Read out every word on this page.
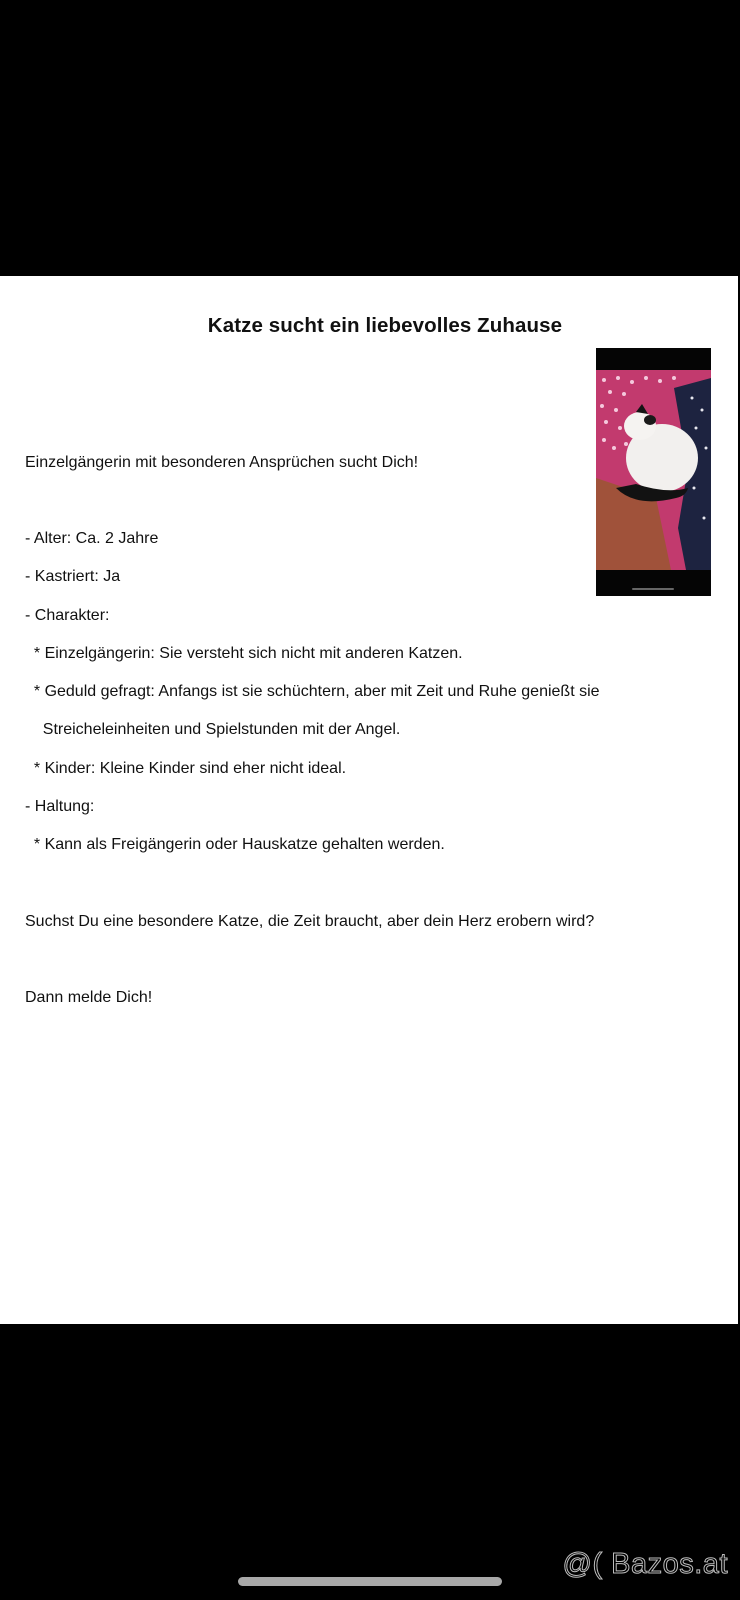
Katze sucht ein liebevolles Zuhause
Einzelgängerin mit besonderen Ansprüchen sucht Dich!
- Alter: Ca. 2 Jahre
- Kastriert: Ja
- Charakter:
* Einzelgängerin: Sie versteht sich nicht mit anderen Katzen.
* Geduld gefragt: Anfangs ist sie schüchtern, aber mit Zeit und Ruhe genießt sie
Streicheleinheiten und Spielstunden mit der Angel.
* Kinder: Kleine Kinder sind eher nicht ideal.
- Haltung:
* Kann als Freigängerin oder Hauskatze gehalten werden.
Suchst Du eine besondere Katze, die Zeit braucht, aber dein Herz erobern wird?
Dann melde Dich!
@( Bazos.at
